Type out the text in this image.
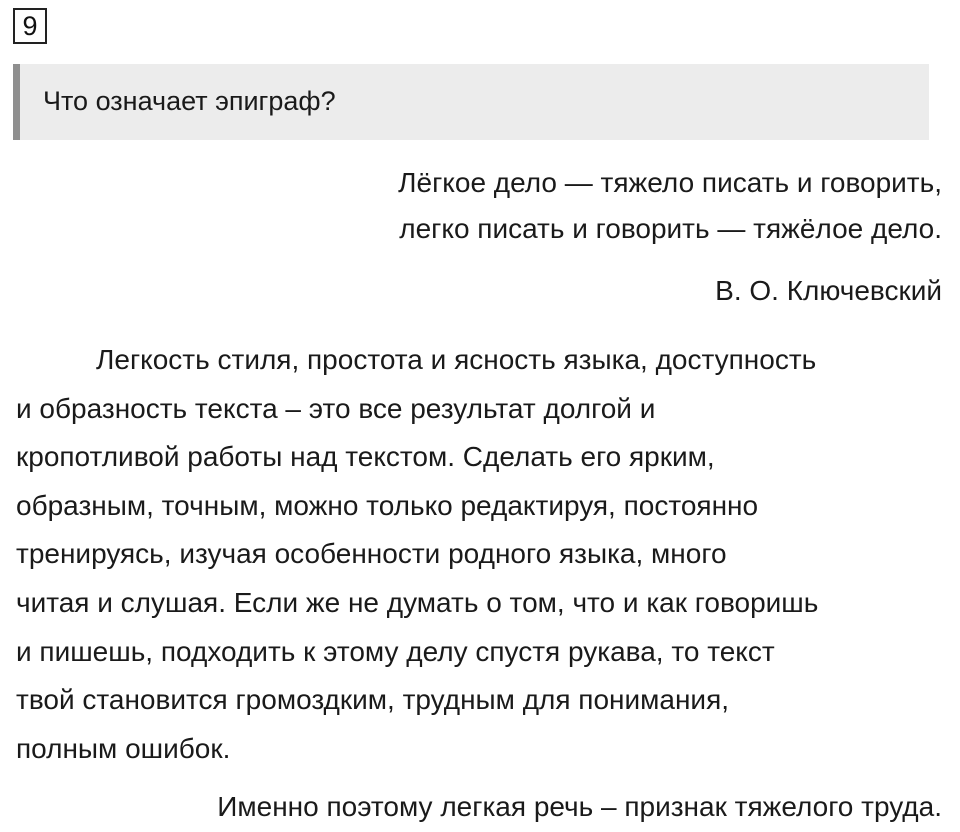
9
Что означает эпиграф?
Лёгкое дело — тяжело писать и говорить,
легко писать и говорить — тяжёлое дело.
В. О. Ключевский
Легкость стиля, простота и ясность языка, доступность
и образность текста – это все результат долгой и
кропотливой работы над текстом. Сделать его ярким,
образным, точным, можно только редактируя, постоянно
тренируясь, изучая особенности родного языка, много
читая и слушая. Если же не думать о том, что и как говоришь
и пишешь, подходить к этому делу спустя рукава, то текст
твой становится громоздким, трудным для понимания,
полным ошибок.
Именно поэтому легкая речь – признак тяжелого труда.
